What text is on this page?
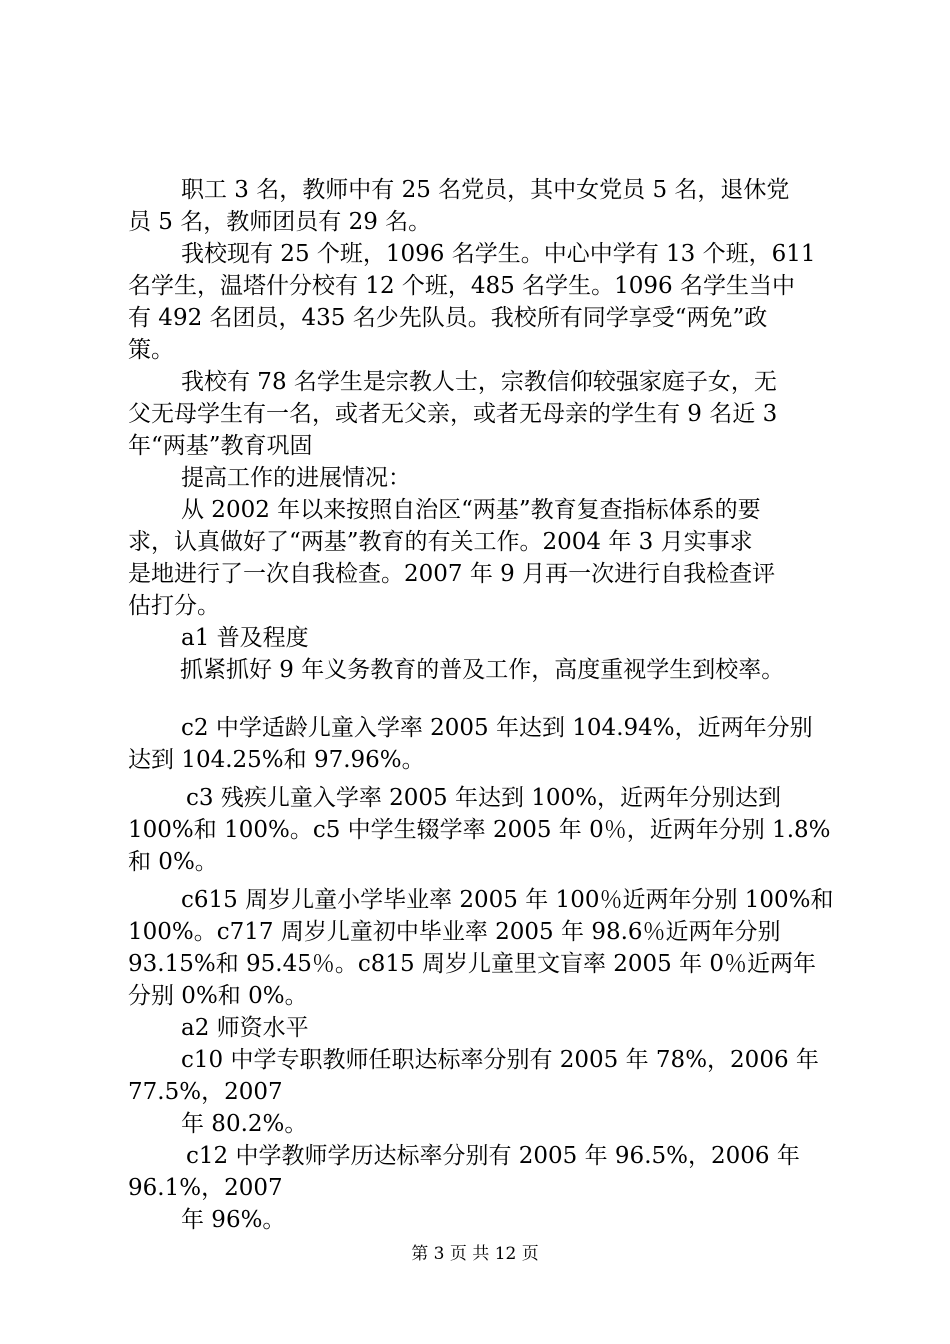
职工 3 名，教师中有 25 名党员，其中女党员 5 名，退休党
员 5 名，教师团员有 29 名。
我校现有 25 个班，1096 名学生。中心中学有 13 个班，611
名学生，温塔什分校有 12 个班，485 名学生。1096 名学生当中
有 492 名团员，435 名少先队员。我校所有同学享受“两免”政
策。
我校有 78 名学生是宗教人士，宗教信仰较强家庭子女，无
父无母学生有一名，或者无父亲，或者无母亲的学生有 9 名近 3
年“两基”教育巩固
提高工作的进展情况：
从 2002 年以来按照自治区“两基”教育复查指标体系的要
求，认真做好了“两基”教育的有关工作。2004 年 3 月实事求
是地进行了一次自我检查。2007 年 9 月再一次进行自我检查评
估打分。
a1 普及程度
抓紧抓好 9 年义务教育的普及工作，高度重视学生到校率。
c2 中学适龄儿童入学率 2005 年达到 104.94%，近两年分别
达到 104.25%和 97.96%。
c3 残疾儿童入学率 2005 年达到 100%，近两年分别达到
100%和 100%。c5 中学生辍学率 2005 年 0％，近两年分别 1.8%
和 0%。
c615 周岁儿童小学毕业率 2005 年 100％近两年分别 100%和
100%。c717 周岁儿童初中毕业率 2005 年 98.6％近两年分别
93.15%和 95.45％。c815 周岁儿童里文盲率 2005 年 0％近两年
分别 0%和 0%。
a2 师资水平
c10 中学专职教师任职达标率分别有 2005 年 78%，2006 年
77.5%，2007
年 80.2%。
c12 中学教师学历达标率分别有 2005 年 96.5%，2006 年
96.1%，2007
年 96%。
第 3 页 共 12 页
